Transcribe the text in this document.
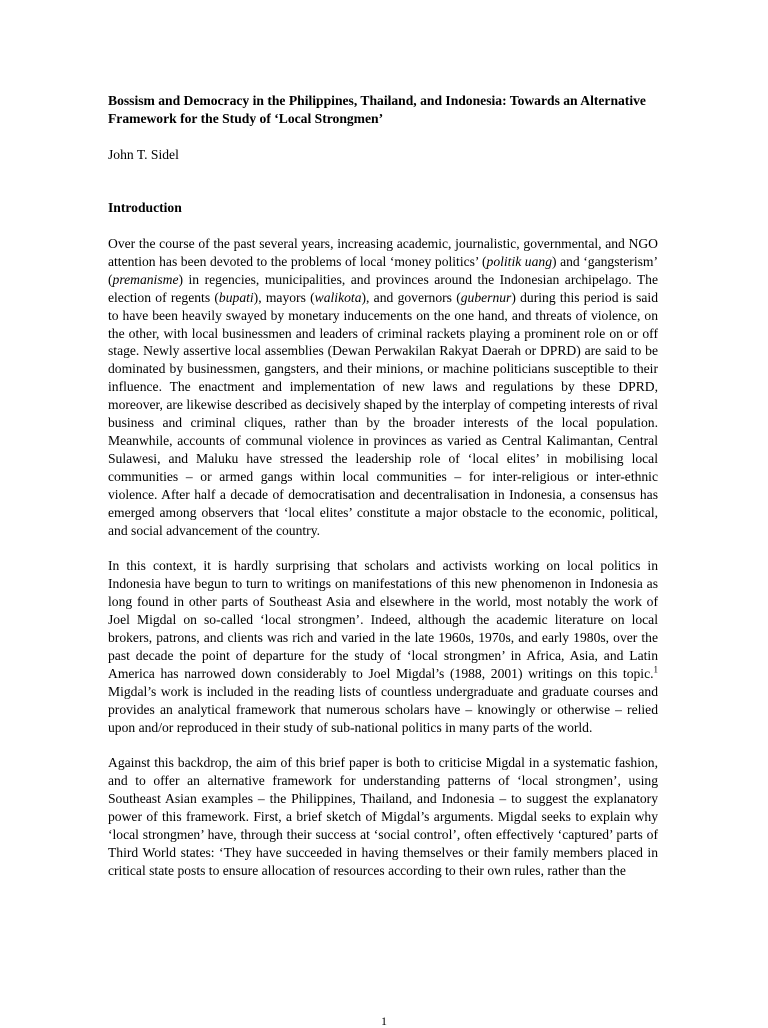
Bossism and Democracy in the Philippines, Thailand, and Indonesia: Towards an Alternative Framework for the Study of ‘Local Strongmen’

John T. Sidel

Introduction

Over the course of the past several years, increasing academic, journalistic, governmental, and NGO attention has been devoted to the problems of local ‘money politics’ (politik uang) and ‘gangsterism’ (premanisme) in regencies, municipalities, and provinces around the Indonesian archipelago. The election of regents (bupati), mayors (walikota), and governors (gubernur) during this period is said to have been heavily swayed by monetary inducements on the one hand, and threats of violence, on the other, with local businessmen and leaders of criminal rackets playing a prominent role on or off stage. Newly assertive local assemblies (Dewan Perwakilan Rakyat Daerah or DPRD) are said to be dominated by businessmen, gangsters, and their minions, or machine politicians susceptible to their influence. The enactment and implementation of new laws and regulations by these DPRD, moreover, are likewise described as decisively shaped by the interplay of competing interests of rival business and criminal cliques, rather than by the broader interests of the local population. Meanwhile, accounts of communal violence in provinces as varied as Central Kalimantan, Central Sulawesi, and Maluku have stressed the leadership role of ‘local elites’ in mobilising local communities – or armed gangs within local communities – for inter-religious or inter-ethnic violence. After half a decade of democratisation and decentralisation in Indonesia, a consensus has emerged among observers that ‘local elites’ constitute a major obstacle to the economic, political, and social advancement of the country.

In this context, it is hardly surprising that scholars and activists working on local politics in Indonesia have begun to turn to writings on manifestations of this new phenomenon in Indonesia as long found in other parts of Southeast Asia and elsewhere in the world, most notably the work of Joel Migdal on so-called ‘local strongmen’. Indeed, although the academic literature on local brokers, patrons, and clients was rich and varied in the late 1960s, 1970s, and early 1980s, over the past decade the point of departure for the study of ‘local strongmen’ in Africa, Asia, and Latin America has narrowed down considerably to Joel Migdal’s (1988, 2001) writings on this topic.$^1$ Migdal’s work is included in the reading lists of countless undergraduate and graduate courses and provides an analytical framework that numerous scholars have – knowingly or otherwise – relied upon and/or reproduced in their study of sub-national politics in many parts of the world.

Against this backdrop, the aim of this brief paper is both to criticise Migdal in a systematic fashion, and to offer an alternative framework for understanding patterns of ‘local strongmen’, using Southeast Asian examples – the Philippines, Thailand, and Indonesia – to suggest the explanatory power of this framework. First, a brief sketch of Migdal’s arguments. Migdal seeks to explain why ‘local strongmen’ have, through their success at ‘social control’, often effectively ‘captured’ parts of Third World states: ‘They have succeeded in having themselves or their family members placed in critical state posts to ensure allocation of resources according to their own rules, rather than the

1
